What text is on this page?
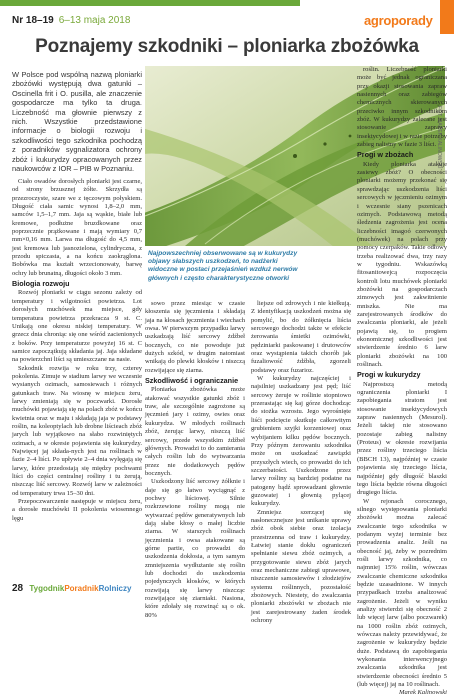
Nr 18–19 6–13 maja 2018	agroporady
Poznajemy szkodniki – ploniarka zbożówka
W Polsce pod wspólną nazwą ploniarki zbożówki występują dwa gatunki – Oscinella frit i O. pusilla, ale znaczenie gospodarcze ma tylko ta druga. Liczebność ma głownie pierwszy z nich. Wszystkie przedstawione informacje o biologii rozwoju i szkodliwości tego szkodnika pochodzą z poradników sygnalizatora ochrony zbóż i kukurydzy opracowanych przez naukowców z IOR – PIB w Poznaniu.
FOT. MAREK KALINOWSKI
Najpowszechniej obserwowane są w kukurydzy objawy słabszych uszkodzeń, to nadżerki widoczne w postaci przejaśnień wzdłuż nerwów głównych i często charakterystyczne otworki

Ciało owadów dorosłych ploniarki jest czarne, od strony brzusznej żółte. Skrzydła są przezroczyste, szare we z tęczowym połyskiem. Długość ciała samic wynosi 1,8–2,0 mm, samców 1,5–1,7 mm. Jaja są wąskie, białe lub kremowe, podłużne bruzdkowane oraz poprzecznie prążkowane i mają wymiary 0,7 mm×0,16 mm. Larwa ma długość do 4,5 mm, jest kremowa lub jasnozielona, cylindryczna, z przodu spiczasta, a na końcu zaokrąglona. Bobówka ma kształt wrzecionowaty, barwę ochry lub brunatną, długości około 3 mm.

Biologia rozwoju

Rozwój ploniarki w ciągu sezonu zależy od temperatury i wilgotności powietrza. Lot dorosłych muchówek ma miejsce, gdy temperatura powietrza przekracza 9 st. C. Unikają one okresu niskiej temperatury. W grzecz dnia chroniąc się one wśród zacienionych z boków. Przy temperaturze powyżej 16 st. C samice zapoczątkują składania jaj. Jaja składane na powierzchni liści są umieszczane na nasie.

Szkodnik rozwija w roku trzy, czterey pokolenia. Zimuje w stadium larwy we wczesnie wysianych ozimach, samosiewach i różnych gatunkach traw. Na wiosnę w miejscu żeru, larwy zmieniają się w poczwarki. Dorosłe muchówki pojawiają się na polach zbóż w końcu kwietnia oraz w maju i składają jaja w podstawy roślin, na koleoptylach lub drobne liścieach zbóż jarych lub wyjątkowo na słabo rozwiniętych ozimach, a w okresie pojawienia się kukurydzy. Najwięcej jaj składa-nych jest na roślinach w fazie 2–4 liści. Po upływie 2–4 dnia wylęgają się larwy, które przedostają się między pochwami liści do części centralnej rośliny i tu żerują, niszcząc liść sercowy. Rozwój larw w zależności od temperatury trwa 15–30 dni.

Przepoczwarczenie następuje w miejscu żeru, a dorosłe muchówki II pokolenia wiosennego lęgu

sowo przez miesiąc w czasie kłoszenia się jęczmienia i składają jaja na kłosach jęczmienia i wiechach owsa. W pierwszym przypadku larwy uszkadzają liść sercowy żdźbeł bocznych, co nie powoduje już dużych szkód, w drugim natomiast wnikają do plewki kłosków i niszczą rozwijające się ziarna.

Szkodliwość i ograniczanie

Ploniarka zbożówka może atakować wszystkie gatunki zbóż i traw, ale szczególnie zagrożone są jęczmień jary i ozimy, owies oraz kukurydza. W młodych roślinach zbóż, żerując larwy, niszczą liść sercowy, przede wszystkim żdźbeł głównych. Prowadzi to do zamierania całych roślin lub do wytwarzania przez nie dodatkowych pędów bocznych.

Uszkodzony liść sercowy żółknie i daje się go łatwo wyciągnąć z pochwy liściowej. Silnie rozkrzewione rośliny mogą nie wytwarzać pędów generatywnych lub dają słabe kłosy o małej liczbie ziarna. W starszych roślinach jęczmienia i owsa atakowane są górne partie, co prowadzi do uszkodzenia dokłosia, a tym samym zmniejszenia wydłużanie się roślin lub dochodzi do uszkodzenia pojedynczych kłosków, w których rozwijają się larwy niszcząc rozwijające się ziarniaki. Nasiona, które zdołały się rozwinąć są o ok. 80%

liejsze od zdrowych i nie kiełkują. Z identyfikacją uszkodzeń można się pomylić, bo do żółknięcia liścia sercowego dochodzi także w efekcie żerowania śmietki ozimówki, pędziniarki paskowanej i drutowców oraz wystąpienia takich chorób jak fuzaliowość żdźbła, zgorzeli podstawy oraz fuzarioz.

W kukurydzy najczęściej i najsilniej uszkadzany jest pęd; liść sercowy żeruje w roślinie stopniowo przerastając się kaj górze dochodząc do stożka wzrostu. Jego wyrośnięte liśći podcięcie skutkuje całkowitym grubieniem szyjki korzeniowej oraz wybijaniem kilku pędów bocznych. Przy późnym żerowaniu szkodnika może on uszkadzać zawiązki przyszłych wiech, co prowadzi do ich szczerbatości. Uszkodzone przez larwy rośliny są bardziej podatne na patogeny bądź sprowadzani głownie guzowatej i głownią pylącej kukurydzy.

Zmniejsz szerzącej się nasłonecznejsze jest unikanie uprawy zbóż obok siebie oraz izolacja przestrzenna od traw i kukurydzy. Łatwiej stanie dokłu ograniczeń spełnianie siewu zbóż ozimych, a przygotowanie siewu zbóż jarych oraz mechaniczne zabiegi uprawowe, niszczenie samosiewów i złodziejów systemu roślinnych, pozostałość zbożowych. Niestety, do zwalczania ploniarki zbożówki w zbożach nie jest zarejestrowany żaden środek ochrony

roślin. Liczebność ploniarki może być jednak ograniczana przy okazji stosowania zapraw nasiennych oraz zabiegów chemicznych skierowanych przeciwko innym szkodnikom zbóż. W kukurydzy zalecane jest stosowanie zaprawy insektycydowej i w razie potrzeby zabieg nalistny w fazie 3 liści.

Progi w zbożach

Kiedy ploniarka atakuje zasiewy zbóż? O obecności ploniarki możemy przekonać się sprawdzając uszkodzenia liści sercowych w jęczmieniu ozimym i wczesnie siany pszenicach ozimych. Podstawową metodą śledzenia zagrożenia jest ocena liczebności imagoó czerwonych (muchówek) na polach przy pomocy czerpaków. Takie odłowy trzeba realizować dwa, trzy razy w tygodniu. Wskazówką fitosanitowejcą rozpoczęcia kontroli lotu muchówek ploniarki zbożówki na gospodarczach zimowych jest zakwitnienie mniszka. Nie ma zarejestrowanych środków do zwalczania ploniarki, ale jeżeli pojawią się, to progiem ekonomicznej szkodliwości jest stwierdzenie średnio 6 larw ploniarki zbożówki na 100 roślinach.

Progi w kukurydzy

Najprostszą metodą ograniczenia ploniarki I zapobiegania stratom jest stosowanie insektycydowych zapraw nasiennych (Mesurol). Jeżeli takiej nie stosowano pozostaje zabieg nalistny (Proteus) w okresie rozwijania przez rośliny trzeciego liścia (BBCH 13), najpóźniej w czasie pojawienia się trzeciego liścia, najpóźniej gdy długość blaszki tego liścia będzie równa długości drugiego liścia.

W rejonach corocznego, silnego występowania ploniarki zbożówki można zalecać zwalczanie tego szkodnika w podanym wyżej terminie bez prowadzenia analiz. Jeśli na obecność jaj, żeby w pozrednim rośli larwy szkodnika, co najmniej 15% roślin, wówczas zwalczanie chemiczne szkodnika będzie uzasadnione. W innych przypadkach trzeba analizować zagrożenie. Jeżeli w wyniku analizy stwierdzi się obecność 2 lub więcej larw (albo poczwarek) na 1000 roślin zbóż ozimych, wówczas należy przewidywać, że zagrożenie w kukurydzy będzie duże. Podstawą do zapobiegania wykonania interwencyjnego zwalczania szkodnika jest stwierdzenie obecności średnio 5 (lub więcej) jaj na 10 roślinach.

Marek Kalinowski

28 TygodnikPoradnikRolniczy
